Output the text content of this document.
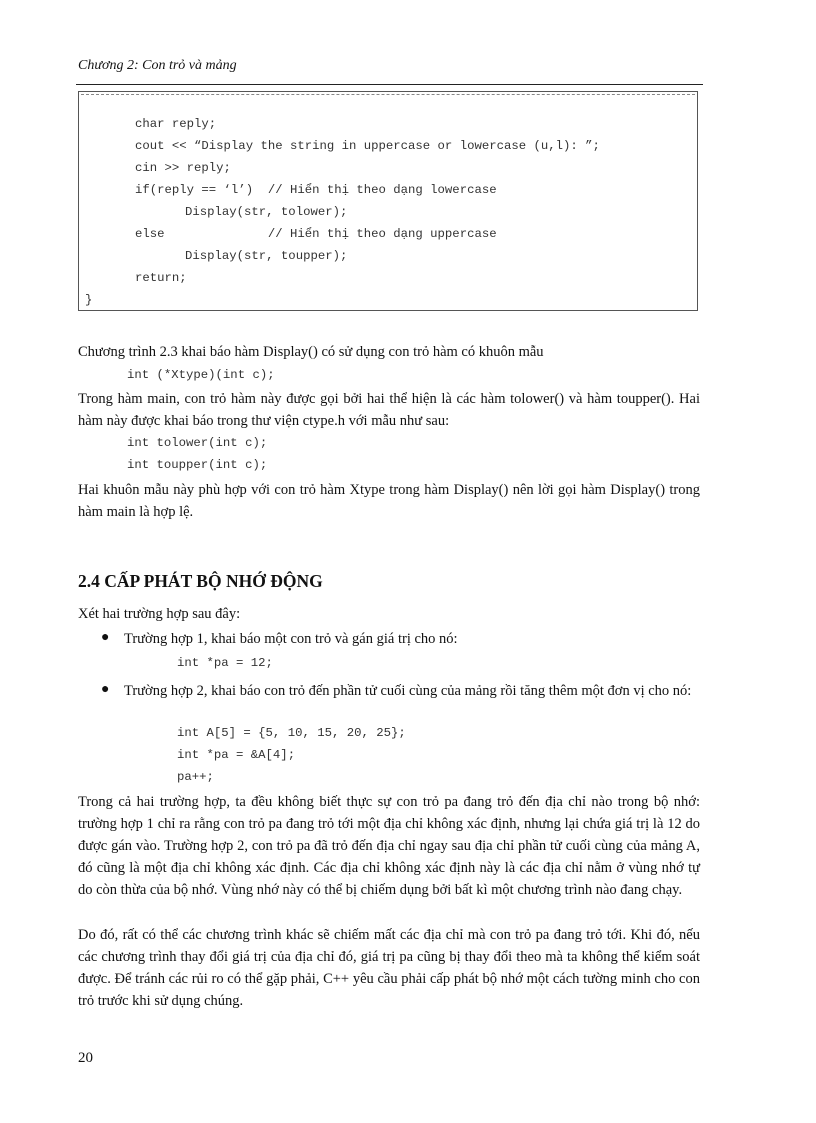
Chương 2: Con trỏ và mảng
char reply;
cout << “Display the string in uppercase or lowercase (u,l): ”;
cin >> reply;
if(reply == ‘l’)  // Hiển thị theo dạng lowercase
Display(str, tolower);
else              // Hiển thị theo dạng uppercase
Display(str, toupper);
return;
}
Chương trình 2.3 khai báo hàm Display() có sử dụng con trỏ hàm có khuôn mẫu
int (*Xtype)(int c);
Trong hàm main, con trỏ hàm này được gọi bởi hai thể hiện là các hàm tolower() và hàm toupper(). Hai hàm này được khai báo trong thư viện ctype.h với mẫu như sau:
int tolower(int c);
int toupper(int c);
Hai khuôn mẫu này phù hợp với con trỏ hàm Xtype trong hàm Display() nên lời gọi hàm Display() trong hàm main là hợp lệ.
2.4 CẤP PHÁT BỘ NHỚ ĐỘNG
Xét hai trường hợp sau đây:
● Trường hợp 1, khai báo một con trỏ và gán giá trị cho nó:
int *pa = 12;
● Trường hợp 2, khai báo con trỏ đến phần tử cuối cùng của mảng rồi tăng thêm một đơn vị cho nó:
int A[5] = {5, 10, 15, 20, 25};
int *pa = &A[4];
pa++;
Trong cả hai trường hợp, ta đều không biết thực sự con trỏ pa đang trỏ đến địa chỉ nào trong bộ nhớ: trường hợp 1 chỉ ra rằng con trỏ pa đang trỏ tới một địa chỉ không xác định, nhưng lại chứa giá trị là 12 do được gán vào. Trường hợp 2, con trỏ pa đã trỏ đến địa chỉ ngay sau địa chỉ phần tử cuối cùng của mảng A, đó cũng là một địa chỉ không xác định. Các địa chỉ không xác định này là các địa chỉ nằm ở vùng nhớ tự do còn thừa của bộ nhớ. Vùng nhớ này có thể bị chiếm dụng bởi bất kì một chương trình nào đang chạy.
Do đó, rất có thể các chương trình khác sẽ chiếm mất các địa chỉ mà con trỏ pa đang trỏ tới. Khi đó, nếu các chương trình thay đổi giá trị của địa chỉ đó, giá trị pa cũng bị thay đổi theo mà ta không thể kiểm soát được. Để tránh các rủi ro có thể gặp phải, C++ yêu cầu phải cấp phát bộ nhớ một cách tường minh cho con trỏ trước khi sử dụng chúng.
20
